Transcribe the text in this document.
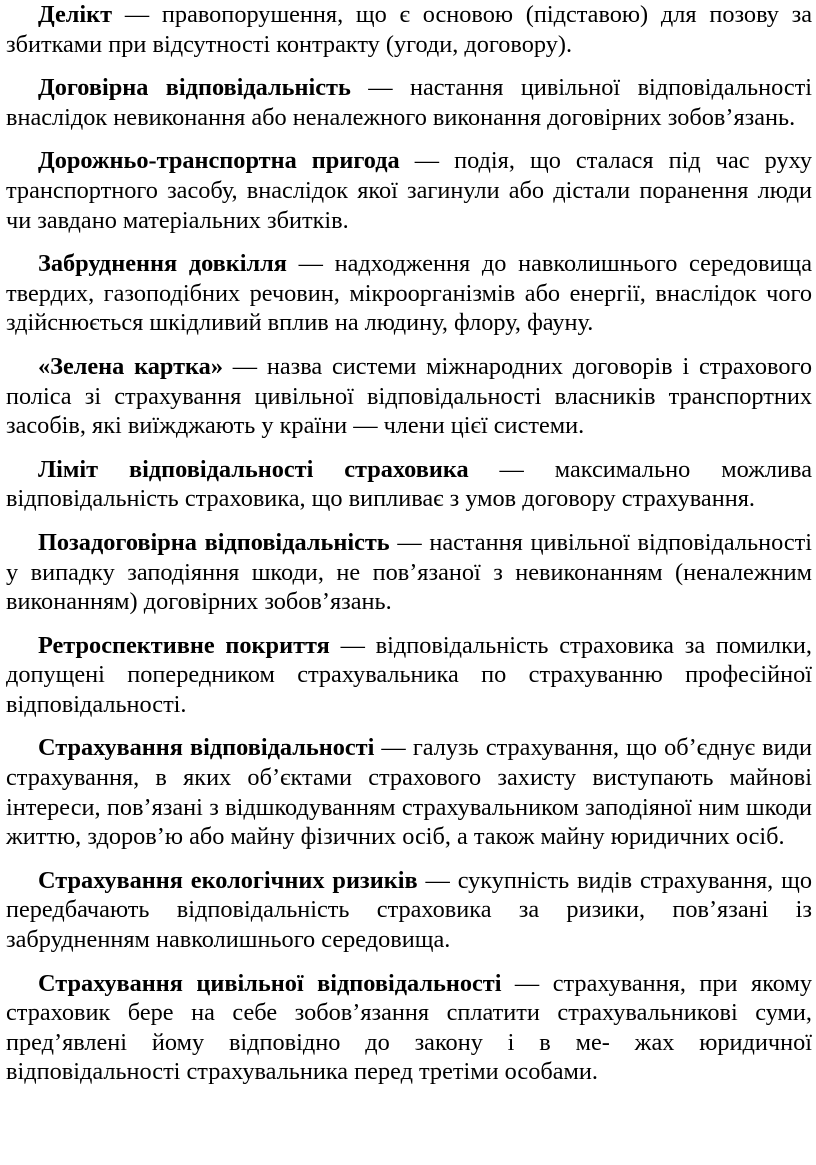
Делікт — правопорушення, що є основою (підставою) для позову за збитками при відсутності контракту (угоди, договору).

Договірна відповідальність — настання цивільної відповідальності внаслідок невиконання або неналежного виконання договірних зобов’язань.

Дорожньо-транспортна пригода — подія, що сталася під час руху транспортного засобу, внаслідок якої загинули або дістали поранення люди чи завдано матеріальних збитків.

Забруднення довкілля — надходження до навколишнього середовища твердих, газоподібних речовин, мікроорганізмів або енергії, внаслідок чого здійснюється шкідливий вплив на людину, флору, фауну.

«Зелена картка» — назва системи міжнародних договорів і страхового поліса зі страхування цивільної відповідальності власників транспортних засобів, які виїжджають у країни — члени цієї системи.

Ліміт відповідальності страховика — максимально можлива відповідальність страховика, що випливає з умов договору страхування.

Позадоговірна відповідальність — настання цивільної відповідальності у випадку заподіяння шкоди, не пов’язаної з невиконанням (неналежним виконанням) договірних зобов’язань.

Ретроспективне покриття — відповідальність страховика за помилки, допущені попередником страхувальника по страхуванню професійної відповідальності.

Страхування відповідальності — галузь страхування, що об’єднує види страхування, в яких об’єктами страхового захисту виступають майнові інтереси, пов’язані з відшкодуванням страхувальником заподіяної ним шкоди життю, здоров’ю або майну фізичних осіб, а також майну юридичних осіб.

Страхування екологічних ризиків — сукупність видів страхування, що передбачають відповідальність страховика за ризики, пов’язані із забрудненням навколишнього середовища.

Страхування цивільної відповідальності — страхування, при якому страховик бере на себе зобов’язання сплатити страхувальникові суми, пред’явлені йому відповідно до закону і в ме- жах юридичної відповідальності страхувальника перед третіми особами.
